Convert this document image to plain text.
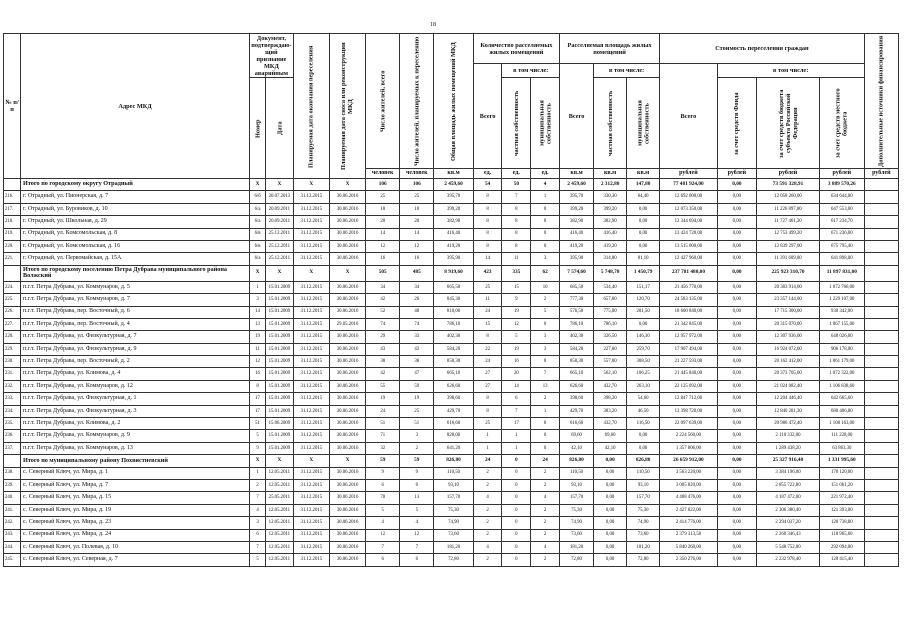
18
№ п/п	Адрес МКД	Документ, подтверждаю-щий признание МКД аварийным		Планируемая дата окончания переселения	Планируемая дата сноса или реконструкции МКД	Число жителей, всего	Число жителей, планируемых к переселению	Общая площадь жилых помещений МКД	Количество расселяемых жилых помещений			Расселяемая площадь жилых помещений			Стоимость переселения граждан				Дополнительные источники финансирования
									Всего	в том числе:		Всего	в том числе:		Всего	в том числе:			
		Номер	Дата							частная собственность	муниципальная собственность		частная собственность	муниципальная собственность		за счет средств Фонда	за счет средств бюджета субъекта Российской Федерации	за счет средств местного бюджета	
						человек	человек	кв.м	ед.	ед.	ед.	кв.м	кв.м	кв.м	рублей	рублей	рублей	рублей	рублей
	Итого по городскому округу Отрадный	X	X	X	X	106	106	2 459,60	54	50	4	2 459,60	2 312,80	147,80	77 481 924,00	0,00	73 591 328,91	3 889 570,26	
216.	г. Отрадный, ул. Пионерская, д. 7	6/б	20.07.2013	31.12.2015	30.06.2016	25	25	395,70	8	7	1	395,70	330,30	64,40	12 692 000,00	0,00	12 058 260,00	634 644,00	
217.	г. Отрадный, ул. Буровиков, д. 10	6/а	20.09.2011	31.12.2015	30.06.2016	18	18	399,20	8	8	0	399,20	399,20	0,00	12 073 350,00	0,00	11 226 897,00	647 553,00	
218.	г. Отрадный, ул. Школьная, д. 29	6/а	20.09.2011	31.12.2015	30.06.2016	20	20	382,90	8	8	0	382,90	382,90	0,00	12 344 694,00	0,00	11 727 461,30	617 234,70	
219.	г. Отрадный, ул. Комсомольская, д. 8	6/в	25.12.2011	31.12.2015	30.06.2016	14	14	416,40	8	8	0	416,40	416,40	0,00	13 424 720,00	0,00	12 753 499,20	671 236,00	
220.	г. Отрадный, ул. Комсомольская, д. 16	6/в	25.12.2011	31.12.2015	30.06.2016	12	12	419,20	8	8	0	419,20	419,20	0,00	13 515 000,00	0,00	12 839 297,00	675 795,40	
221.	г. Отрадный, ул. Первомайская, д. 15А	6/а	25.12.2011	31.12.2015	30.06.2016	16	16	395,90	14	11	3	395,90	314,80	81,10	12 427 960,00	0,00	11 391 609,00	641 898,00	
	Итого по городскому поселению Петра Дубрава муниципального района Волжский	X	X	X	X	505	485	8 919,60	423	335	62	7 574,60	5 748,70	1 450,79	237 781 480,00	0,00	225 923 310,70	11 897 831,00	
224.	п.г.т. Петра Дубрава, ул. Коммунаров, д. 5	1	15.01.2009	31.12.2015	30.06.2016	34	34	665,50	25	15	10	685,50	534,40	151,17	21 456 770,00	0,00	20 383 914,00	1 072 766,00	
225.	п.г.т. Петра Дубрава, ул. Коммунаров, д. 7	3	15.01.2009	31.12.2015	30.06.2016	42	26	845,30	11	9	2	777,30	657,00	120,70	24 583 135,00	0,00	23 357 144,00	1 229 107,00	
226.	п.г.т. Петра Дубрава, пер. Восточный, д. 6	14	15.01.2009	31.12.2015	30.06.2016	52	48	810,00	24	19	5	576,50	775,00	201,50	18 600 840,00	0,00	17 715 300,00	930 342,00	
227.	п.г.т. Петра Дубрава, пер. Восточный, д. 4	13	15.01.2009	31.12.2015	29.05.2016	74	74	786,10	15	12	0	786,10	786,10	0,00	21 342 845,00	0,00	20 315 070,00	1 067 155,00	
228.	п.г.т. Петра Дубрава, ул. Физкультурная, д. 7	19	15.01.2009	31.12.2015	30.06.2016	29	33	402,30	8	5	3	402,30	326,50	146,30	12 957 972,00	0,00	12 307 936,00	648 026,00	
229.	п.г.т. Петра Дубрава, ул. Физкультурная, д. 9	11	15.01.2009	31.12.2015	30.06.2016	43	43	584,20	22	19	3	584,20	227,00	259,70	17 907 494,00	0,00	16 924 072,00	906 178,00	
230.	п.г.т. Петра Дубрава, пер. Восточный, д. 2	12	15.01.2009	31.12.2015	30.06.2016	38	38	858,30	24	16	8	858,30	557,00	308,50	21 227 593,00	0,00	20 162 412,00	1 061 179,00	
231.	п.г.т. Петра Дубрава, ул. Климова, д. 4	16	15.01.2009	31.12.2015	30.06.2016	42	47	665,10	27	20	7	665,10	562,10	106,25	21 445 840,00	0,00	20 373 705,00	1 072 322,00	
232.	п.г.т. Петра Дубрава, ул. Коммунаров, д. 12	8	15.01.2009	31.12.2015	30.06.2016	55	59	626,60	27	14	13	626,60	432,70	263,10	22 125 092,00	0,00	21 024 082,40	1 106 838,60	
233.	п.г.т. Петра Дубрава, ул. Физкультурная, д. 1	17	15.01.2009	31.12.2015	30.06.2016	19	19	398,60	8	6	2	398,60	398,20	54,60	12 847 712,00	0,00	12 204 446,40	642 665,60	
234.	п.г.т. Петра Дубрава, ул. Физкультурная, д. 3	17	15.01.2009	31.12.2015	30.06.2016	24	25	429,70	8	7	1	429,70	383,20	46,50	13 398 720,00	0,00	12 840 281,30	680 406,80	
235.	п.г.т. Петра Дубрава, ул. Климова, д. 2	51	15.06.2009	31.12.2015	30.06.2016	51	51	616,60	25	17	8	616,60	432,70	116,50	22 097 639,00	0,00	20 986 472,40	1 108 163,00	
236.	п.г.т. Петра Дубрава, ул. Коммунаров, д. 9	5	15.01.2009	31.12.2015	30.06.2016	71	3	828,00	1	1	0	69,60	69,60	0,00	2 224 560,00	0,00	2 110 332,00	111 228,00	
237.	п.г.т. Петра Дубрава, ул. Коммунаров, д. 13	9	15.01.2009	31.12.2015	30.06.2016	32	2	641,20	1	1	0	42,10	42,10	0,00	1 357 806,00	0,00	1 289 438,20	63 863,30	
	Итого по муниципальному району Похвистневский	X	X	X	X	59	59	826,80	24	0	24	826,80	0,00	826,80	26 659 912,00	0,00	25 327 916,40	1 331 995,60	
238.	с. Северный Ключ, ул. Мира, д. 1	1	12.05.2011	31.12.2015	30.06.2016	9	9	110,50	2	0	2	110,50	0,00	110,50	3 563 220,00	0,00	3 384 196,00	178 120,00	
239.	с. Северный Ключ, ул. Мира, д. 7	2	12.05.2011	31.12.2015	30.06.2016	6	6	93,10	2	0	2	93,10	0,00	93,10	3 005 820,00	0,00	2 855 722,80	151 061,20	
240.	с. Северный Ключ, ул. Мира, д. 15	7	25.05.2011	31.12.2015	30.06.2016	78	13	157,70	4	0	4	157,70	0,00	157,70	4 408 476,00	0,00	4 187 472,00	221 972,40	
241.	с. Северный Ключ, ул. Мира, д. 19	4	12.05.2011	31.12.2015	30.06.2016	5	5	75,30	2	0	2	75,30	0,00	75,30	2 427 822,00	0,00	2 306 380,40	121 393,00	
242.	с. Северный Ключ, ул. Мира, д. 23	3	12.05.2011	31.12.2015	30.06.2016	4	4	74,90	2	0	2	74,90	0,00	74,90	2 414 776,00	0,00	2 294 037,20	120 738,80	
243.	с. Северный Ключ, ул. Мира, д. 24	6	12.05.2011	31.12.2015	30.06.2016	12	12	73,60	2	0	2	73,60	0,00	73,60	2 379 313,58	0,00	2 260 346,43	118 965,60	
244.	с. Северный Ключ, ул. Полевая, д. 10	7	12.05.2011	31.12.2015	30.06.2016	7	7	181,20	4	0	4	181,20	0,00	181,20	5 840 260,00	0,00	5 548 752,00	292 094,00	
245.	с. Северный Ключ, ул. Северная, д. 7	5	12.05.2011	31.12.2015	30.06.2016	6	6	72,80	2	0	2	72,80	0,00	72,80	2 350 276,00	0,00	2 232 978,40	120 415,40	
